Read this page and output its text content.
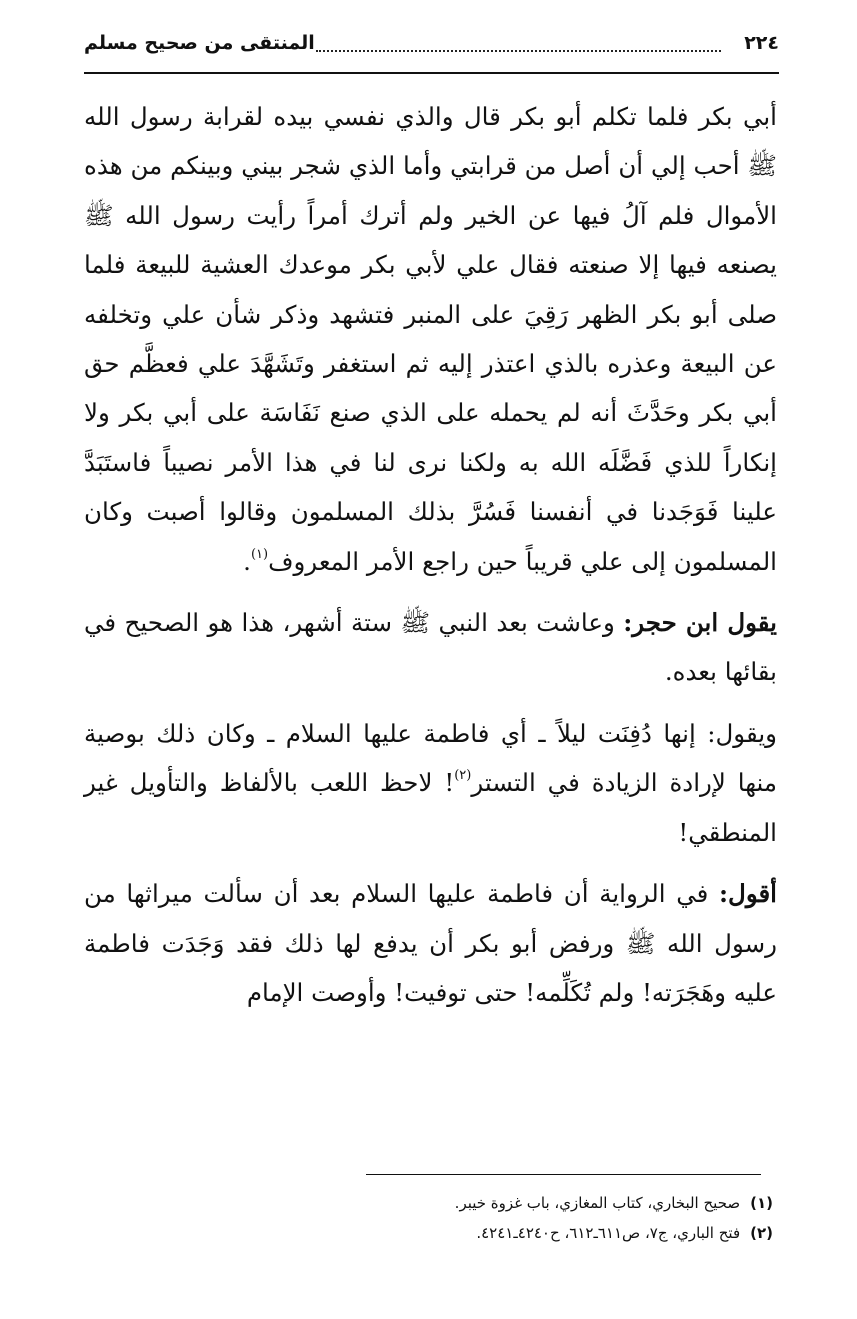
٢٢٤
المنتقى من صحيح مسلم

أبي بكر فلما تكلم أبو بكر قال والذي نفسي بيده لقرابة رسول الله ﷺ أحب إلي أن أصل من قرابتي وأما الذي شجر بيني وبينكم من هذه الأموال فلم آلُ فيها عن الخير ولم أترك أمراً رأيت رسول الله ﷺ يصنعه فيها إلا صنعته فقال علي لأبي بكر موعدك العشية للبيعة فلما صلى أبو بكر الظهر رَقِيَ على المنبر فتشهد وذكر شأن علي وتخلفه عن البيعة وعذره بالذي اعتذر إليه ثم استغفر وتَشَهَّدَ علي فعظَّم حق أبي بكر وحَدَّثَ أنه لم يحمله على الذي صنع نَفَاسَة على أبي بكر ولا إنكاراً للذي فَضَّلَه الله به ولكنا نرى لنا في هذا الأمر نصيباً فاستَبَدَّ علينا فَوَجَدنا في أنفسنا فَسُرَّ بذلك المسلمون وقالوا أصبت وكان المسلمون إلى علي قريباً حين راجع الأمر المعروف$^{(١)}$.

يقول ابن حجر: وعاشت بعد النبي ﷺ ستة أشهر، هذا هو الصحيح في بقائها بعده.

ويقول: إنها دُفِنَت ليلاً ـ أي فاطمة عليها السلام ـ وكان ذلك بوصية منها لإرادة الزيادة في التستر$^{(٢)}$! لاحظ اللعب بالألفاظ والتأويل غير المنطقي!

أقول: في الرواية أن فاطمة عليها السلام بعد أن سألت ميراثها من رسول الله ﷺ ورفض أبو بكر أن يدفع لها ذلك فقد وَجَدَت فاطمة عليه وهَجَرَته! ولم تُكَلِّمه! حتى توفيت! وأوصت الإمام

(١)صحيح البخاري، كتاب المغازي، باب غزوة خيبر.

(٢)فتح الباري، ج٧، ص٦١١ـ٦١٢، ح٤٢٤٠ـ٤٢٤١.
